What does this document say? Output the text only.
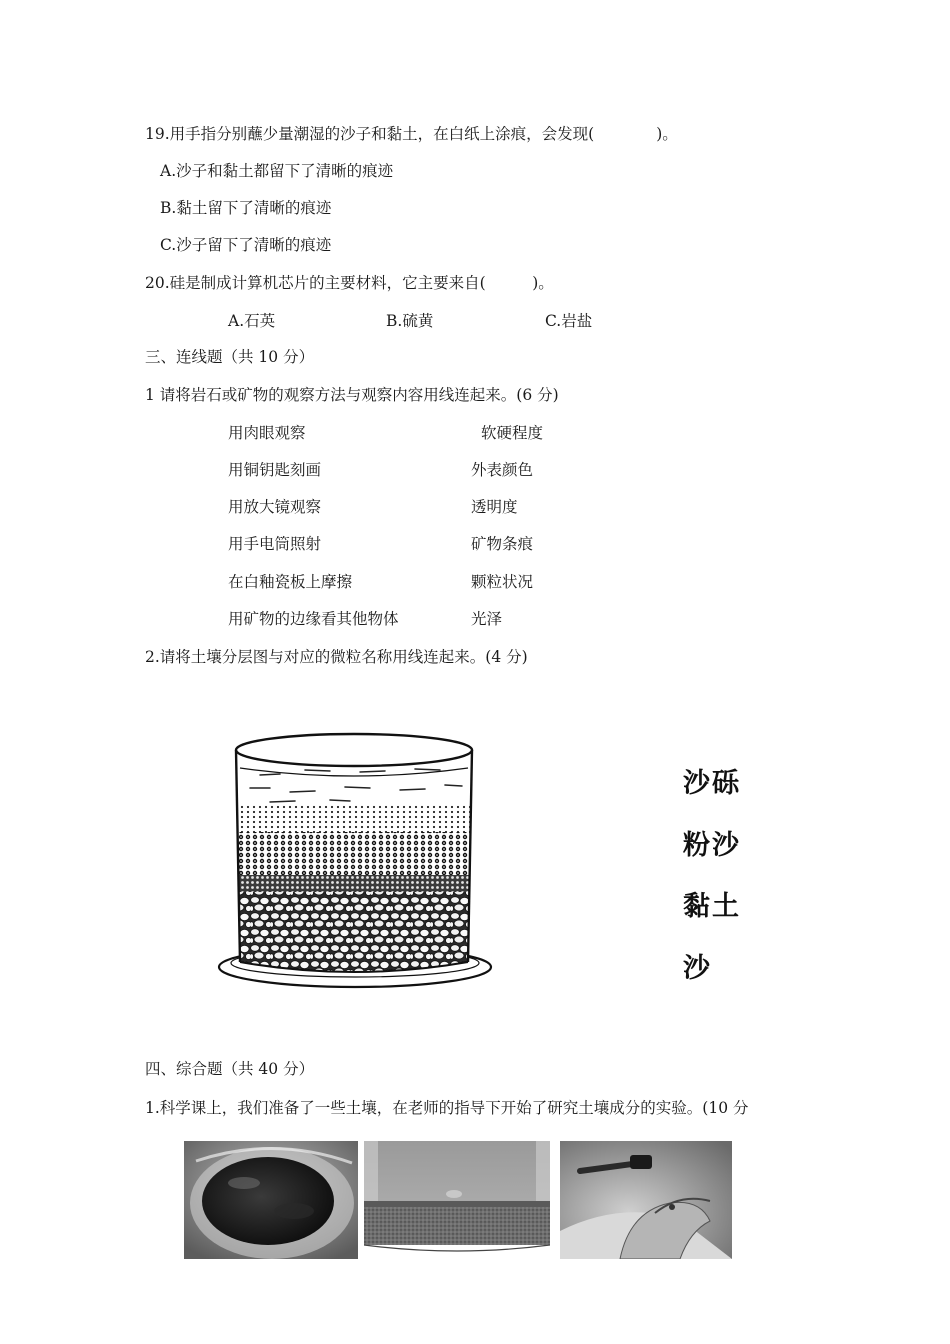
19.用手指分别蘸少量潮湿的沙子和黏土，在白纸上涂痕，会发现(　　　　)。
A.沙子和黏土都留下了清晰的痕迹
B.黏土留下了清晰的痕迹
C.沙子留下了清晰的痕迹
20.硅是制成计算机芯片的主要材料，它主要来自(　　　)。
A.石英	B.硫黄	C.岩盐
三、连线题（共 10 分）
1 请将岩石或矿物的观察方法与观察内容用线连起来。(6 分)
用肉眼观察
用铜钥匙刻画
用放大镜观察
用手电筒照射
在白釉瓷板上摩擦
用矿物的边缘看其他物体
软硬程度
外表颜色
透明度
矿物条痕
颗粒状况
光泽
2.请将土壤分层图与对应的微粒名称用线连起来。(4 分)
沙砾
粉沙
黏土
沙
四、综合题（共 40 分）
1.科学课上，我们准备了一些土壤，在老师的指导下开始了研究土壤成分的实验。(10 分
